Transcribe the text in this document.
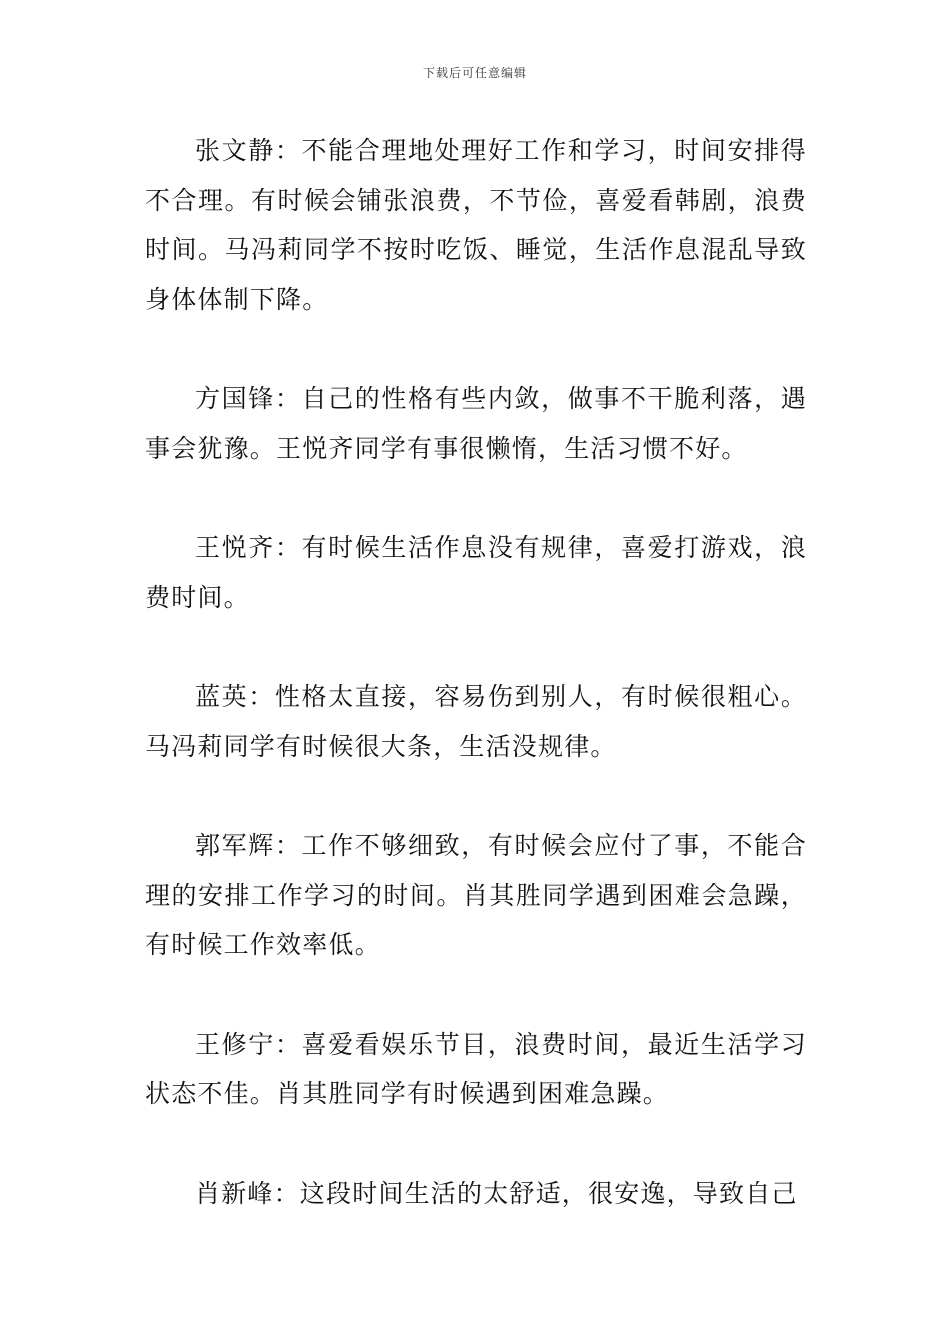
下载后可任意编辑

张文静：不能合理地处理好工作和学习，时间安排得不合理。有时候会铺张浪费，不节俭，喜爱看韩剧，浪费时间。马冯莉同学不按时吃饭、睡觉，生活作息混乱导致身体体制下降。

方国锋：自己的性格有些内敛，做事不干脆利落，遇事会犹豫。王悦齐同学有事很懒惰，生活习惯不好。

王悦齐：有时候生活作息没有规律，喜爱打游戏，浪费时间。

蓝英：性格太直接，容易伤到别人，有时候很粗心。马冯莉同学有时候很大条，生活没规律。

郭军辉：工作不够细致，有时候会应付了事，不能合理的安排工作学习的时间。肖其胜同学遇到困难会急躁，有时候工作效率低。

王修宁：喜爱看娱乐节目，浪费时间，最近生活学习状态不佳。肖其胜同学有时候遇到困难急躁。

肖新峰：这段时间生活的太舒适，很安逸，导致自己
